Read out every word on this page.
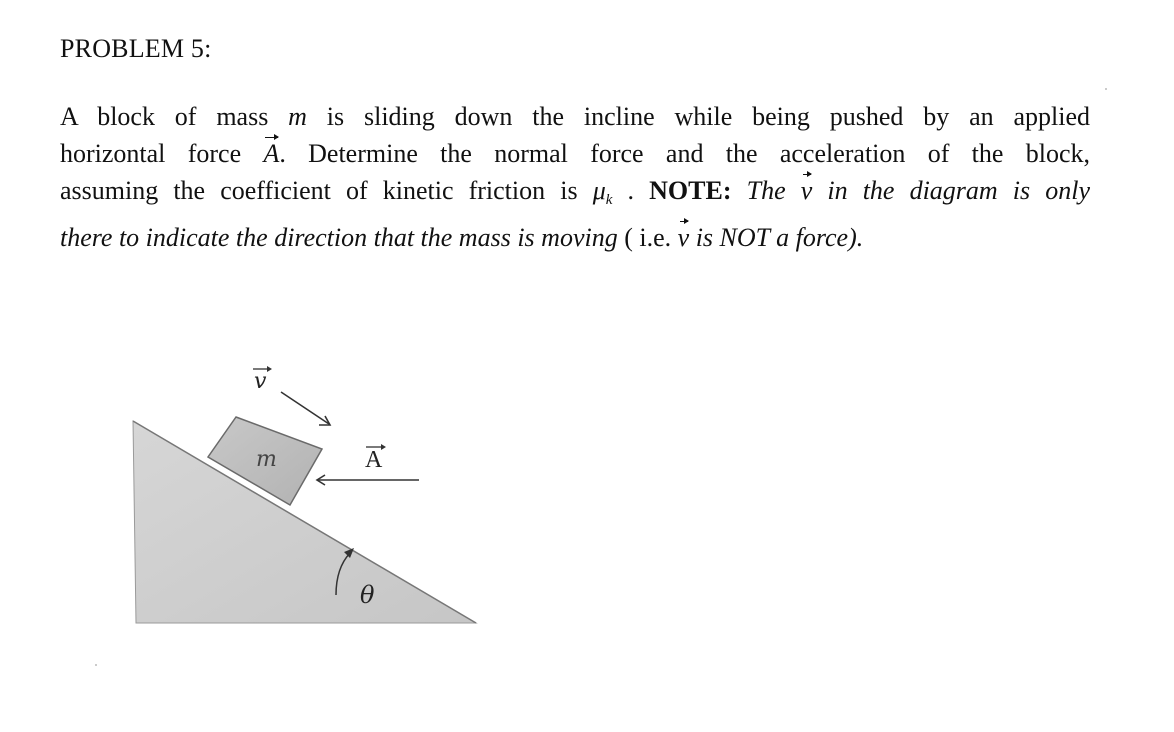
PROBLEM 5:
A block of mass m is sliding down the incline while being pushed by an applied
horizontal force A. Determine the normal force and the acceleration of the block,
assuming the coefficient of kinetic friction is $\mu_k$ . NOTE: The v in the diagram is only
there to indicate the direction that the mass is moving ( i.e. v is NOT a force).
v
m	A
θ
